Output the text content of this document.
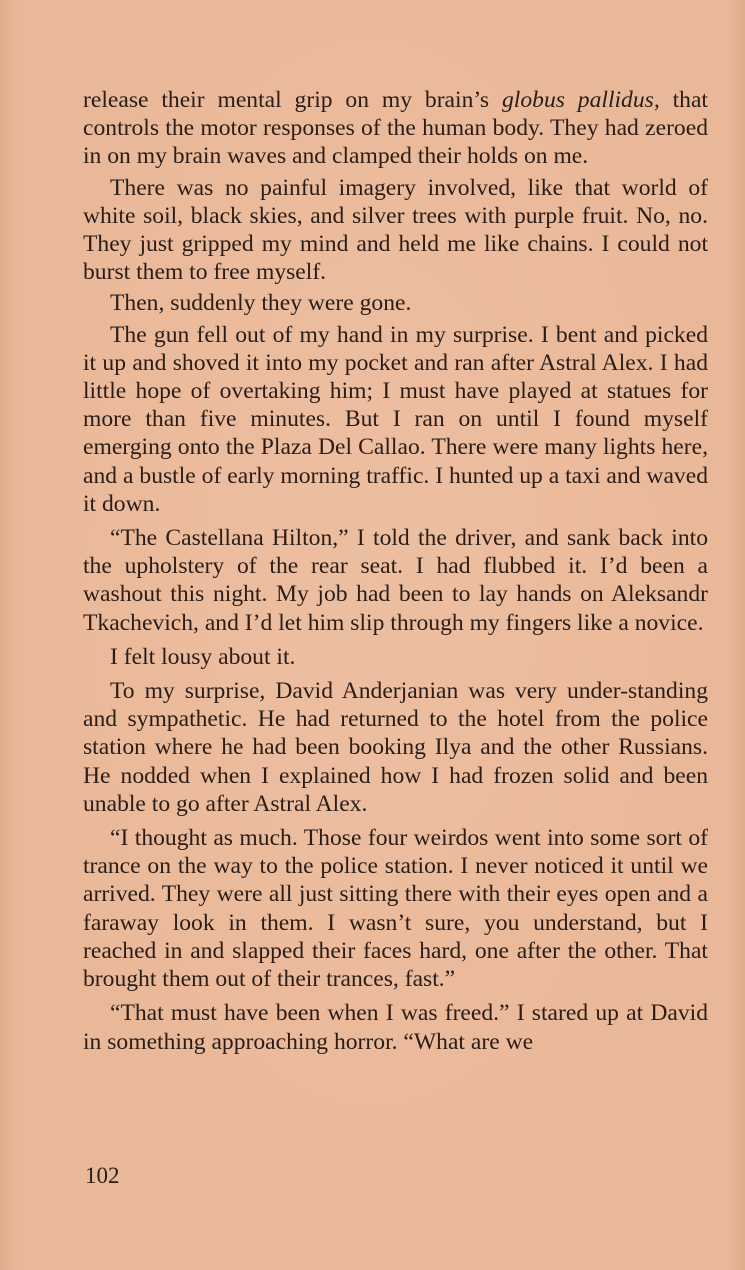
release their mental grip on my brain’s globus pallidus, that controls the motor responses of the human body. They had zeroed in on my brain waves and clamped their holds on me.

There was no painful imagery involved, like that world of white soil, black skies, and silver trees with purple fruit. No, no. They just gripped my mind and held me like chains. I could not burst them to free myself.

Then, suddenly they were gone.

The gun fell out of my hand in my surprise. I bent and picked it up and shoved it into my pocket and ran after Astral Alex. I had little hope of overtaking him; I must have played at statues for more than five minutes. But I ran on until I found myself emerging onto the Plaza Del Callao. There were many lights here, and a bustle of early morning traffic. I hunted up a taxi and waved it down.

“The Castellana Hilton,” I told the driver, and sank back into the upholstery of the rear seat. I had flubbed it. I’d been a washout this night. My job had been to lay hands on Aleksandr Tkachevich, and I’d let him slip through my fingers like a novice.

I felt lousy about it.

To my surprise, David Anderjanian was very under-standing and sympathetic. He had returned to the hotel from the police station where he had been booking Ilya and the other Russians. He nodded when I explained how I had frozen solid and been unable to go after Astral Alex.

“I thought as much. Those four weirdos went into some sort of trance on the way to the police station. I never noticed it until we arrived. They were all just sitting there with their eyes open and a faraway look in them. I wasn’t sure, you understand, but I reached in and slapped their faces hard, one after the other. That brought them out of their trances, fast.”

“That must have been when I was freed.” I stared up at David in something approaching horror. “What are we

102
